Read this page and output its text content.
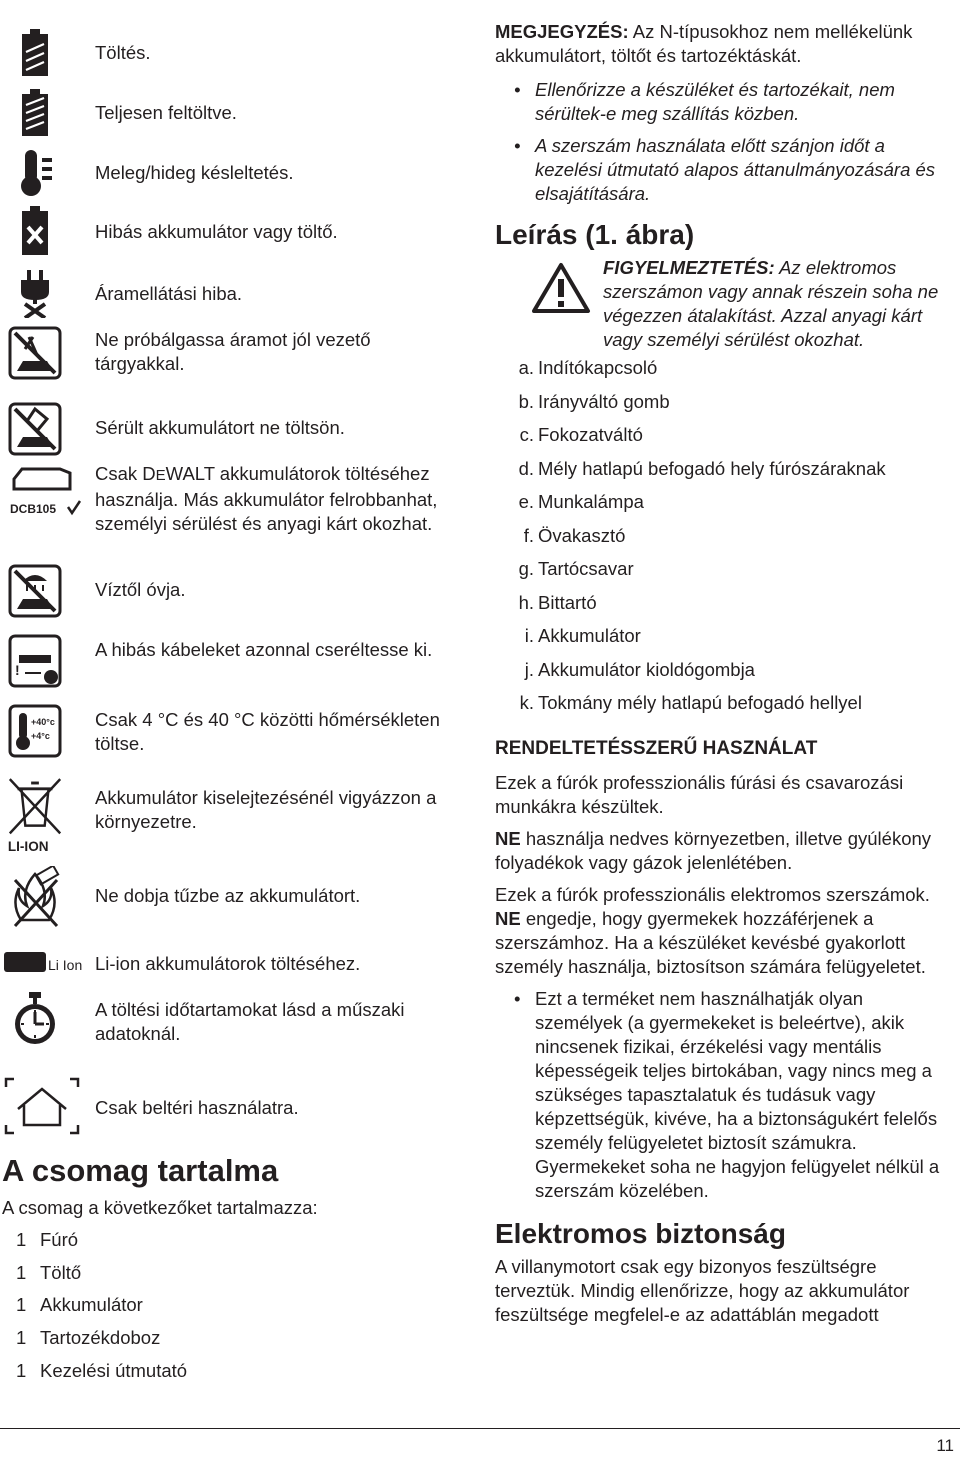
Töltés.
Teljesen feltöltve.
Meleg/hideg késleltetés.
Hibás akkumulátor vagy töltő.
Áramellátási hiba.
Ne próbálgassa áramot jól vezető tárgyakkal.
Sérült akkumulátort ne töltsön.
DCB105
Csak DEWALT akkumulátorok töltéséhez használja. Más akkumulátor felrobbanhat, személyi sérülést és anyagi kárt okozhat.
Víztől óvja.
!
A hibás kábeleket azonnal cseréltesse ki.
+40°c
+4°c
Csak 4 °C és 40 °C közötti hőmérsékleten töltse.
LI-ION
Akkumulátor kiselejtezésénél vigyázzon a környezetre.
Ne dobja tűzbe az akkumulátort.
Li Ion Li-ion akkumulátorok töltéséhez.
A töltési időtartamokat lásd a műszaki adatoknál.
Csak beltéri használatra.
A csomag tartalma
A csomag a következőket tartalmazza:
1 Fúró
1 Töltő
1 Akkumulátor
1 Tartozékdoboz
1 Kezelési útmutató
MEGJEGYZÉS: Az N-típusokhoz nem mellékelünk akkumulátort, töltőt és tartozéktáskát.
• Ellenőrizze a készüléket és tartozékait, nem sérültek-e meg szállítás közben.
• A szerszám használata előtt szánjon időt a kezelési útmutató alapos áttanulmányozására és elsajátítására.
Leírás (1. ábra)
FIGYELMEZTETÉS: Az elektromos szerszámon vagy annak részein soha ne végezzen átalakítást. Azzal anyagi kárt vagy személyi sérülést okozhat.
a. Indítókapcsoló
b. Irányváltó gomb
c. Fokozatváltó
d. Mély hatlapú befogadó hely fúrószáraknak
e. Munkalámpa
f. Övakasztó
g. Tartócsavar
h. Bittartó
i. Akkumulátor
j. Akkumulátor kioldógombja
k. Tokmány mély hatlapú befogadó hellyel
RENDELTETÉSSZERŰ HASZNÁLAT
Ezek a fúrók professzionális fúrási és csavarozási munkákra készültek.
NE használja nedves környezetben, illetve gyúlékony folyadékok vagy gázok jelenlétében.
Ezek a fúrók professzionális elektromos szerszámok. NE engedje, hogy gyermekek hozzáférjenek a szerszámhoz. Ha a készüléket kevésbé gyakorlott személy használja, biztosítson számára felügyeletet.
• Ezt a terméket nem használhatják olyan személyek (a gyermekeket is beleértve), akik nincsenek fizikai, érzékelési vagy mentális képességeik teljes birtokában, vagy nincs meg a szükséges tapasztalatuk és tudásuk vagy képzettségük, kivéve, ha a biztonságukért felelős személy felügyeletet biztosít számukra. Gyermekeket soha ne hagyjon felügyelet nélkül a szerszám közelében.
Elektromos biztonság
A villanymotort csak egy bizonyos feszültségre terveztük. Mindig ellenőrizze, hogy az akkumulátor feszültsége megfelel-e az adattáblán megadott
11
